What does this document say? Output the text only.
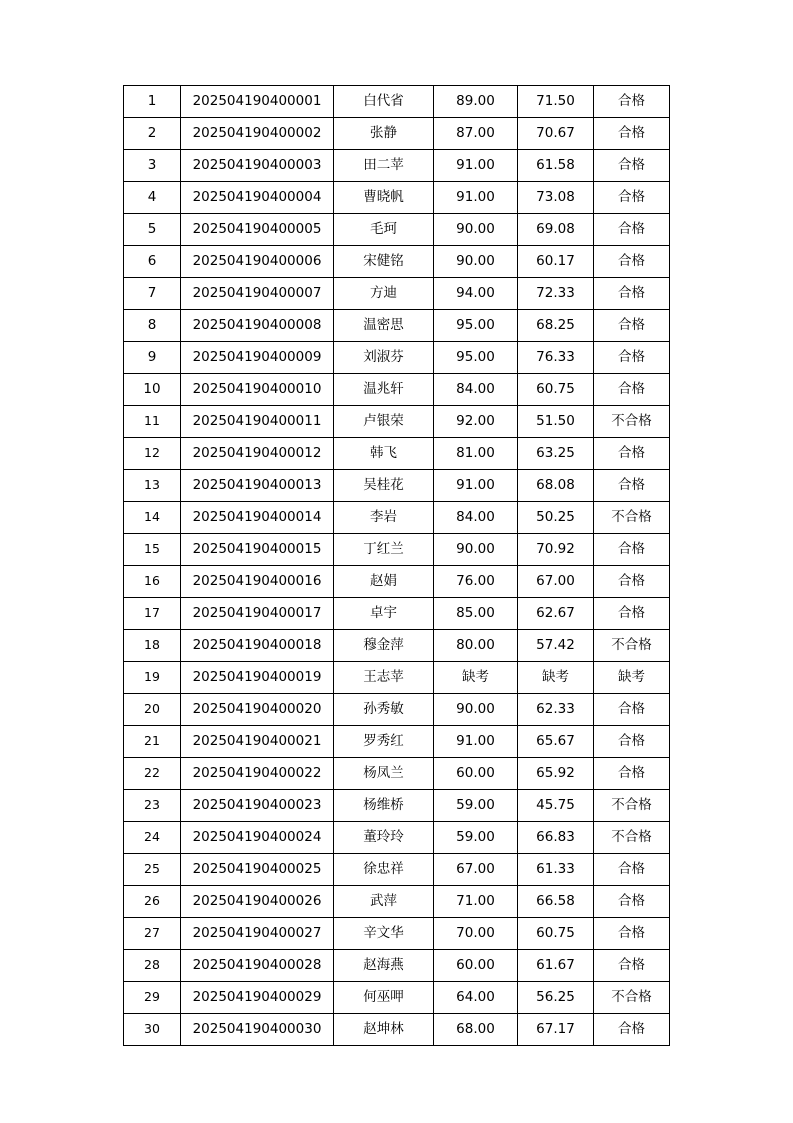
1	202504190400001	白代省	89.00	71.50	合格
2	202504190400002	张静	87.00	70.67	合格
3	202504190400003	田二苹	91.00	61.58	合格
4	202504190400004	曹晓帆	91.00	73.08	合格
5	202504190400005	毛珂	90.00	69.08	合格
6	202504190400006	宋健铭	90.00	60.17	合格
7	202504190400007	方迪	94.00	72.33	合格
8	202504190400008	温密思	95.00	68.25	合格
9	202504190400009	刘淑芬	95.00	76.33	合格
10	202504190400010	温兆轩	84.00	60.75	合格
11	202504190400011	卢银荣	92.00	51.50	不合格
12	202504190400012	韩飞	81.00	63.25	合格
13	202504190400013	吴桂花	91.00	68.08	合格
14	202504190400014	李岩	84.00	50.25	不合格
15	202504190400015	丁红兰	90.00	70.92	合格
16	202504190400016	赵娟	76.00	67.00	合格
17	202504190400017	卓宇	85.00	62.67	合格
18	202504190400018	穆金萍	80.00	57.42	不合格
19	202504190400019	王志苹	缺考	缺考	缺考
20	202504190400020	孙秀敏	90.00	62.33	合格
21	202504190400021	罗秀红	91.00	65.67	合格
22	202504190400022	杨凤兰	60.00	65.92	合格
23	202504190400023	杨维桥	59.00	45.75	不合格
24	202504190400024	董玲玲	59.00	66.83	不合格
25	202504190400025	徐忠祥	67.00	61.33	合格
26	202504190400026	武萍	71.00	66.58	合格
27	202504190400027	辛文华	70.00	60.75	合格
28	202504190400028	赵海燕	60.00	61.67	合格
29	202504190400029	何巫呷	64.00	56.25	不合格
30	202504190400030	赵坤林	68.00	67.17	合格
